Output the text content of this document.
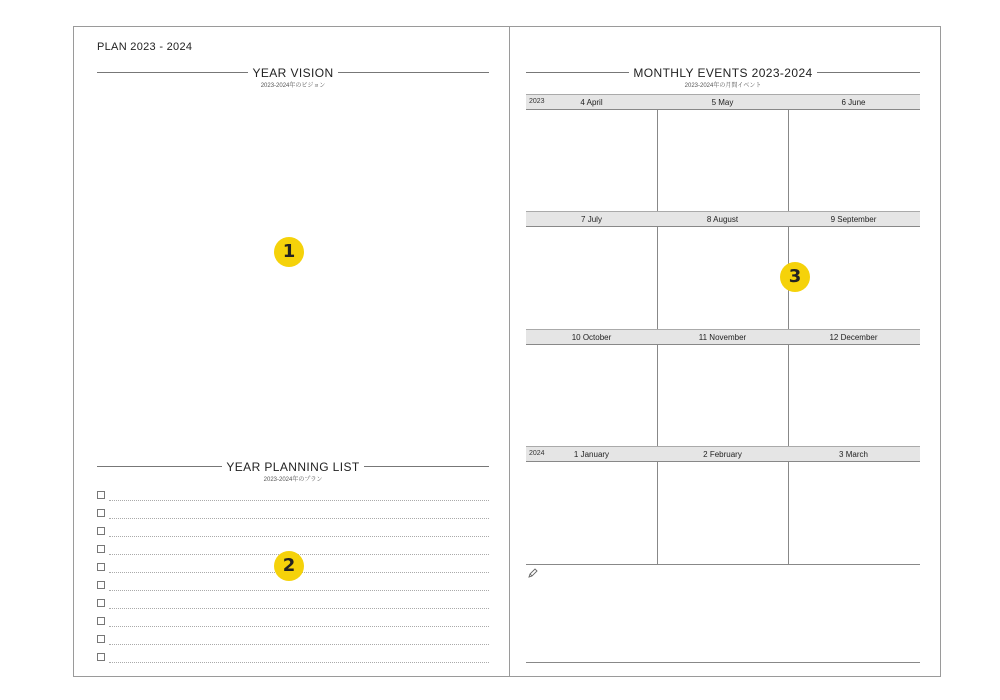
PLAN 2023 - 2024
YEAR VISION
2023-2024年のビジョン
1
YEAR PLANNING LIST
2023-2024年のプラン
2
MONTHLY EVENTS 2023-2024
2023-2024年の月間イベント
2023	4 April	5 May	6 June
7 July	8 August	9 September
3
10 October	11 November	12 December
2024	1 January	2 February	3 March
